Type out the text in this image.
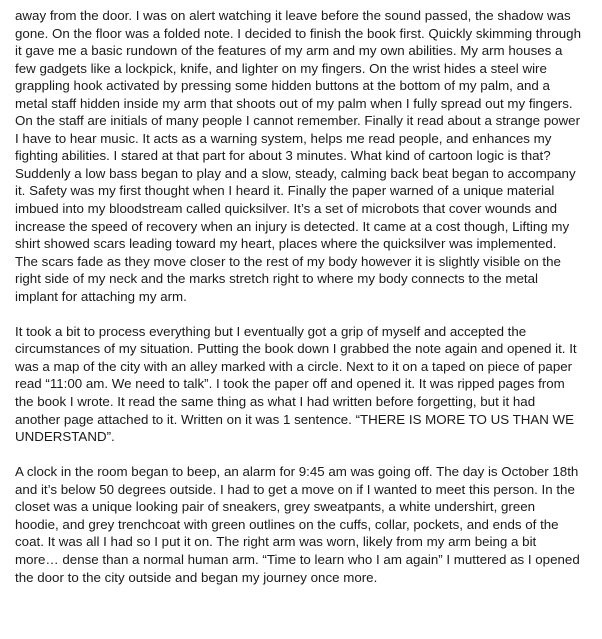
away from the door. I was on alert watching it leave before the sound passed, the shadow was
gone. On the floor was a folded note. I decided to finish the book first. Quickly skimming through
it gave me a basic rundown of the features of my arm and my own abilities. My arm houses a
few gadgets like a lockpick, knife, and lighter on my fingers. On the wrist hides a steel wire
grappling hook activated by pressing some hidden buttons at the bottom of my palm, and a
metal staff hidden inside my arm that shoots out of my palm when I fully spread out my fingers.
On the staff are initials of many people I cannot remember. Finally it read about a strange power
I have to hear music. It acts as a warning system, helps me read people, and enhances my
fighting abilities. I stared at that part for about 3 minutes. What kind of cartoon logic is that?
Suddenly a low bass began to play and a slow, steady, calming back beat began to accompany
it. Safety was my first thought when I heard it. Finally the paper warned of a unique material
imbued into my bloodstream called quicksilver. It’s a set of microbots that cover wounds and
increase the speed of recovery when an injury is detected. It came at a cost though, Lifting my
shirt showed scars leading toward my heart, places where the quicksilver was implemented.
The scars fade as they move closer to the rest of my body however it is slightly visible on the
right side of my neck and the marks stretch right to where my body connects to the metal
implant for attaching my arm.

It took a bit to process everything but I eventually got a grip of myself and accepted the
circumstances of my situation. Putting the book down I grabbed the note again and opened it. It
was a map of the city with an alley marked with a circle. Next to it on a taped on piece of paper
read “11:00 am. We need to talk”. I took the paper off and opened it. It was ripped pages from
the book I wrote. It read the same thing as what I had written before forgetting, but it had
another page attached to it. Written on it was 1 sentence. “THERE IS MORE TO US THAN WE
UNDERSTAND”.

A clock in the room began to beep, an alarm for 9:45 am was going off. The day is October 18th
and it’s below 50 degrees outside. I had to get a move on if I wanted to meet this person. In the
closet was a unique looking pair of sneakers, grey sweatpants, a white undershirt, green
hoodie, and grey trenchcoat with green outlines on the cuffs, collar, pockets, and ends of the
coat. It was all I had so I put it on. The right arm was worn, likely from my arm being a bit
more… dense than a normal human arm. “Time to learn who I am again” I muttered as I opened
the door to the city outside and began my journey once more.
